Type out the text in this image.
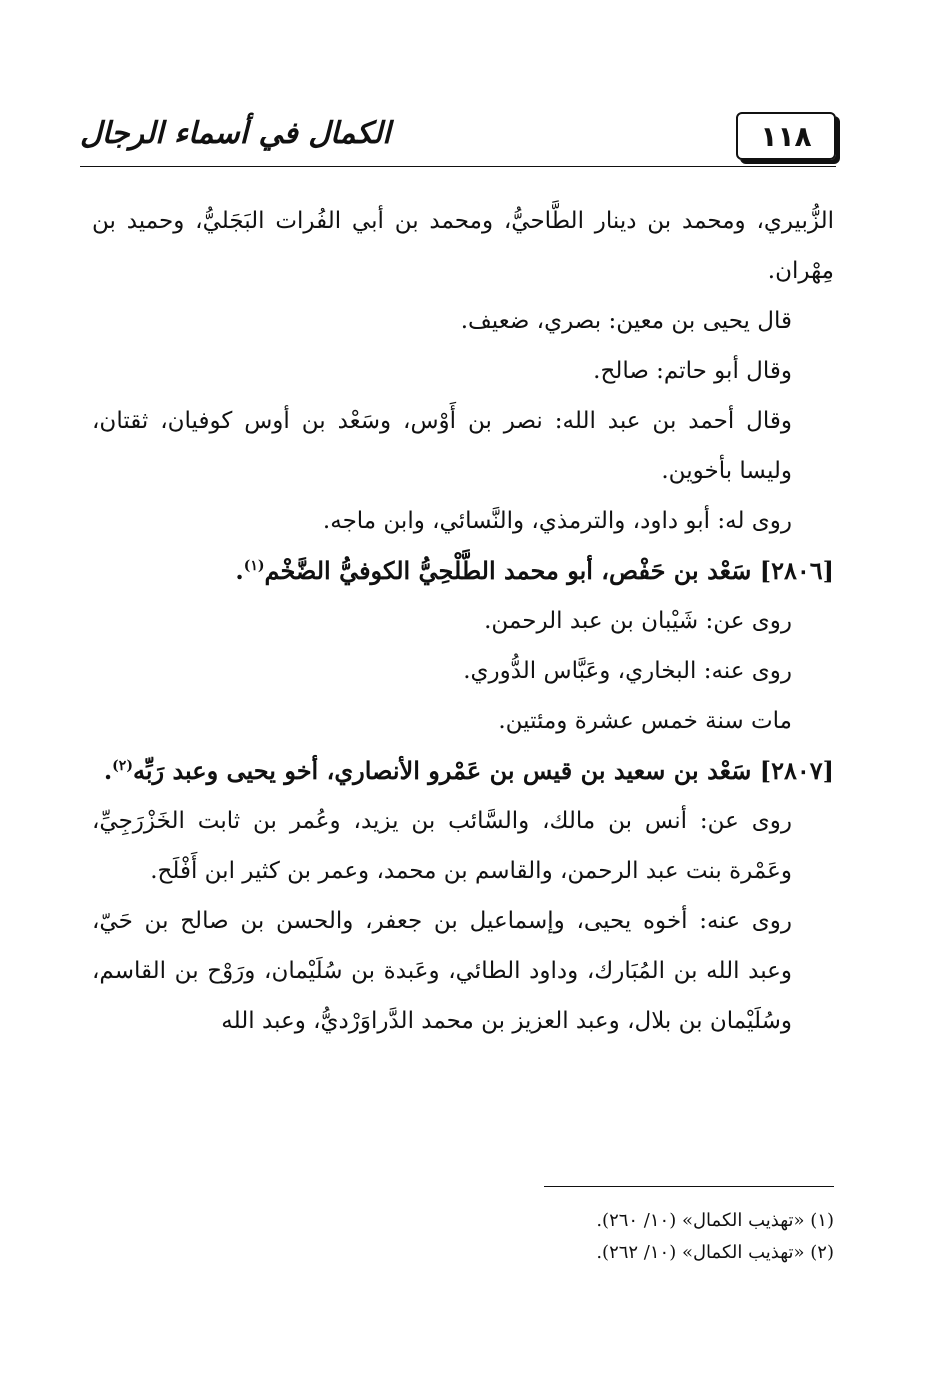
١١٨
الكمال في أسماء الرجال

الزُّبيري، ومحمد بن دينار الطَّاحيُّ، ومحمد بن أبي الفُرات البَجَليُّ، وحميد بن مِهْران.

قال يحيى بن معين: بصري، ضعيف.

وقال أبو حاتم: صالح.

وقال أحمد بن عبد الله: نصر بن أَوْس، وسَعْد بن أوس كوفيان، ثقتان، وليسا بأخوين.

روى له: أبو داود، والترمذي، والنَّسائي، وابن ماجه.

[٢٨٠٦] سَعْد بن حَفْص، أبو محمد الطَّلْحِيُّ الكوفيُّ الضَّخْم$^{(١)}$.

روى عن: شَيْبان بن عبد الرحمن.

روى عنه: البخاري، وعَبَّاس الدُّوري.

مات سنة خمس عشرة ومئتين.

[٢٨٠٧] سَعْد بن سعيد بن قيس بن عَمْرو الأنصاري، أخو يحيى وعبد رَبِّه$^{(٢)}$.

روى عن: أنس بن مالك، والسَّائب بن يزيد، وعُمر بن ثابت الخَزْرَجِيِّ، وعَمْرة بنت عبد الرحمن، والقاسم بن محمد، وعمر بن كثير ابن أَفْلَح.

روى عنه: أخوه يحيى، وإسماعيل بن جعفر، والحسن بن صالح بن حَيّ، وعبد الله بن المُبَارك، وداود الطائي، وعَبدة بن سُلَيْمان، ورَوْح بن القاسم، وسُلَيْمان بن بلال، وعبد العزيز بن محمد الدَّراوَرْديُّ، وعبد الله

(١) «تهذيب الكمال» (١٠/ ٢٦٠).

(٢) «تهذيب الكمال» (١٠/ ٢٦٢).
